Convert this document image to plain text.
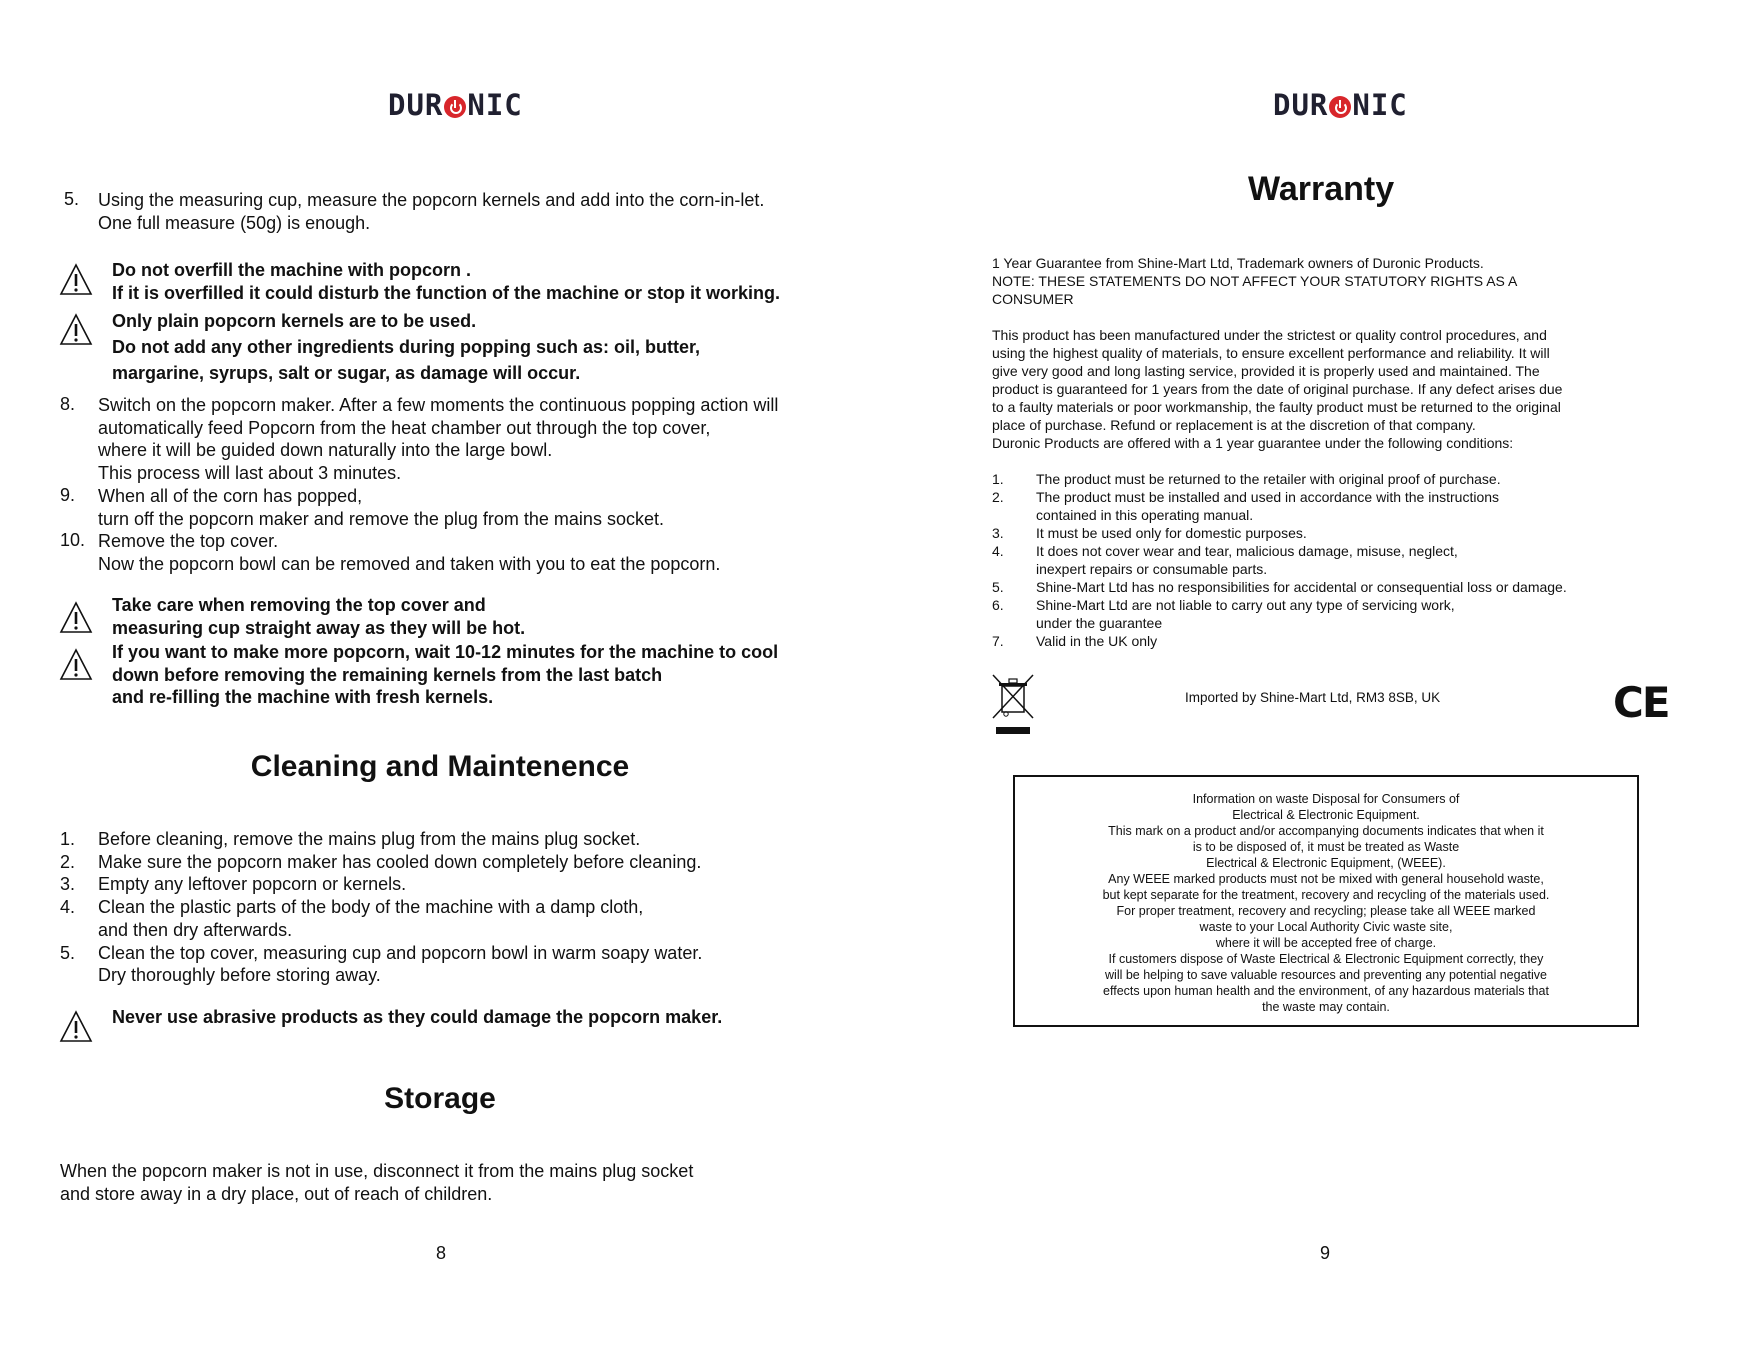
DUR NIC
5. Using the measuring cup, measure the popcorn kernels and add into the corn-in-let.
One full measure (50g) is enough.
Do not overfill the machine with popcorn .
If it is overfilled it could disturb the function of the machine or stop it working.
Only plain popcorn kernels are to be used.
Do not add any other ingredients during popping such as: oil, butter,
margarine, syrups, salt or sugar, as damage will occur.
8. Switch on the popcorn maker. After a few moments the continuous popping action will
automatically feed Popcorn from the heat chamber out through the top cover,
where it will be guided down naturally into the large bowl.
This process will last about 3 minutes.
9. When all of the corn has popped,
turn off the popcorn maker and remove the plug from the mains socket.
10. Remove the top cover.
Now the popcorn bowl can be removed and taken with you to eat the popcorn.
Take care when removing the top cover and
measuring cup straight away as they will be hot.
If you want to make more popcorn, wait 10-12 minutes for the machine to cool
down before removing the remaining kernels from the last batch
and re-filling the machine with fresh kernels.
Cleaning and Maintenence
1. Before cleaning, remove the mains plug from the mains plug socket.
2. Make sure the popcorn maker has cooled down completely before cleaning.
3. Empty any leftover popcorn or kernels.
4. Clean the plastic parts of the body of the machine with a damp cloth,
and then dry afterwards.
5. Clean the top cover, measuring cup and popcorn bowl in warm soapy water.
Dry thoroughly before storing away.
Never use abrasive products as they could damage the popcorn maker.
Storage
When the popcorn maker is not in use, disconnect it from the mains plug socket
and store away in a dry place, out of reach of children.
8
DUR NIC
Warranty
1 Year Guarantee from Shine-Mart Ltd, Trademark owners of Duronic Products.
NOTE: THESE STATEMENTS DO NOT AFFECT YOUR STATUTORY RIGHTS AS A
CONSUMER
This product has been manufactured under the strictest or quality control procedures, and
using the highest quality of materials, to ensure excellent performance and reliability. It will
give very good and long lasting service, provided it is properly used and maintained. The
product is guaranteed for 1 years from the date of original purchase. If any defect arises due
to a faulty materials or poor workmanship, the faulty product must be returned to the original
place of purchase. Refund or replacement is at the discretion of that company.
Duronic Products are offered with a 1 year guarantee under the following conditions:
1. The product must be returned to the retailer with original proof of purchase.
2. The product must be installed and used in accordance with the instructions
contained in this operating manual.
3. It must be used only for domestic purposes.
4. It does not cover wear and tear, malicious damage, misuse, neglect,
inexpert repairs or consumable parts.
5. Shine-Mart Ltd has no responsibilities for accidental or consequential loss or damage.
6. Shine-Mart Ltd are not liable to carry out any type of servicing work,
under the guarantee
7. Valid in the UK only
Imported by Shine-Mart Ltd, RM3 8SB, UK	CE
Information on waste Disposal for Consumers of
Electrical & Electronic Equipment.
This mark on a product and/or accompanying documents indicates that when it
is to be disposed of, it must be treated as Waste
Electrical & Electronic Equipment, (WEEE).
Any WEEE marked products must not be mixed with general household waste,
but kept separate for the treatment, recovery and recycling of the materials used.
For proper treatment, recovery and recycling; please take all WEEE marked
waste to your Local Authority Civic waste site,
where it will be accepted free of charge.
If customers dispose of Waste Electrical & Electronic Equipment correctly, they
will be helping to save valuable resources and preventing any potential negative
effects upon human health and the environment, of any hazardous materials that
the waste may contain.
9
